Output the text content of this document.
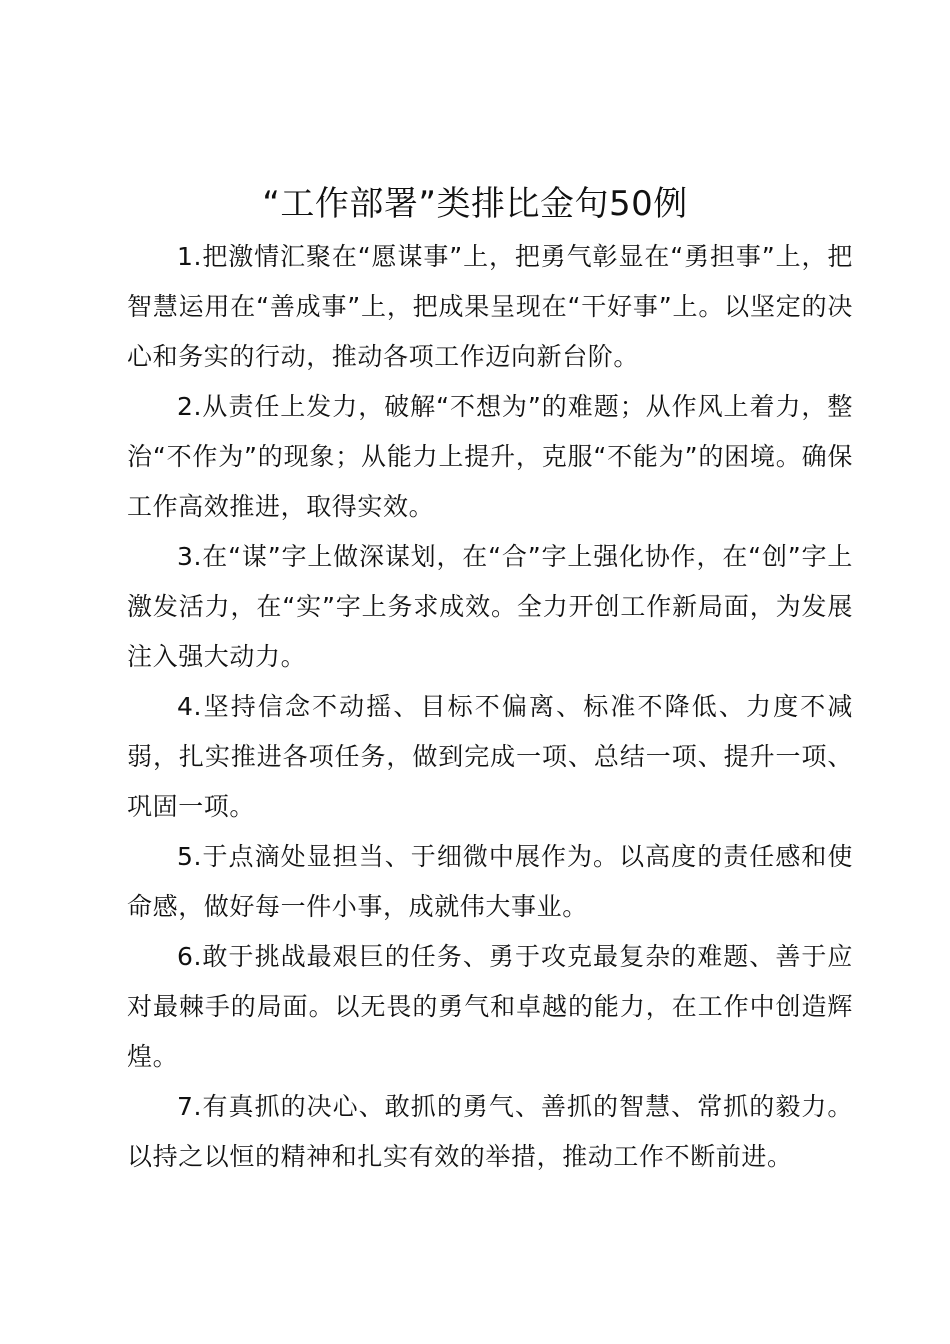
“工作部署”类排比金句50例

1.把激情汇聚在“愿谋事”上，把勇气彰显在“勇担事”上，把智慧运用在“善成事”上，把成果呈现在“干好事”上。以坚定的决心和务实的行动，推动各项工作迈向新台阶。

2.从责任上发力，破解“不想为”的难题；从作风上着力，整治“不作为”的现象；从能力上提升，克服“不能为”的困境。确保工作高效推进，取得实效。

3.在“谋”字上做深谋划，在“合”字上强化协作，在“创”字上激发活力，在“实”字上务求成效。全力开创工作新局面，为发展注入强大动力。

4.坚持信念不动摇、目标不偏离、标准不降低、力度不减弱，扎实推进各项任务，做到完成一项、总结一项、提升一项、巩固一项。

5.于点滴处显担当、于细微中展作为。以高度的责任感和使命感，做好每一件小事，成就伟大事业。

6.敢于挑战最艰巨的任务、勇于攻克最复杂的难题、善于应对最棘手的局面。以无畏的勇气和卓越的能力，在工作中创造辉煌。

7.有真抓的决心、敢抓的勇气、善抓的智慧、常抓的毅力。以持之以恒的精神和扎实有效的举措，推动工作不断前进。
